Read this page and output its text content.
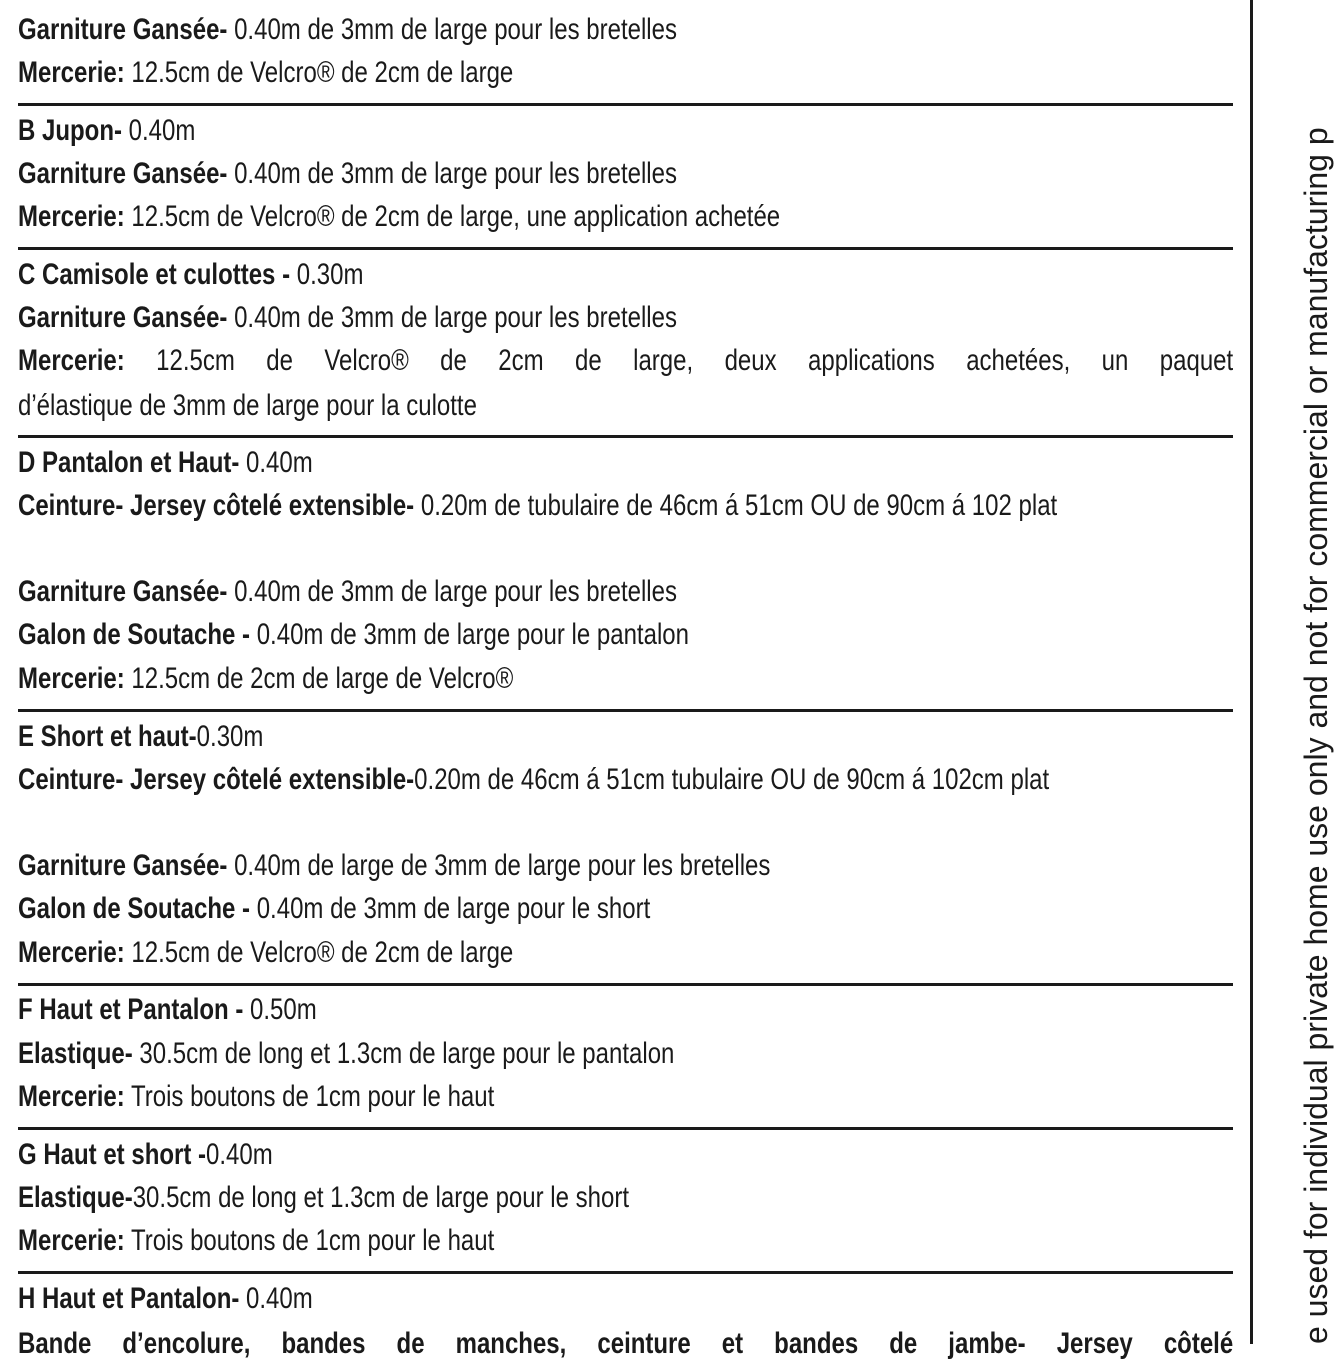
Garniture Gansée- 0.40m de 3mm de large pour les bretelles
Mercerie: 12.5cm de Velcro® de 2cm de large
B Jupon- 0.40m
Garniture Gansée- 0.40m de 3mm de large pour les bretelles
Mercerie: 12.5cm de Velcro® de 2cm de large, une application achetée
C Camisole et culottes - 0.30m
Garniture Gansée- 0.40m de 3mm de large pour les bretelles
Mercerie: 12.5cm de Velcro® de 2cm de large, deux applications achetées, un paquet
d’élastique de 3mm de large pour la culotte
D Pantalon et Haut- 0.40m
Ceinture- Jersey côtelé extensible- 0.20m de tubulaire de 46cm á 51cm OU de 90cm á 102 plat
Garniture Gansée- 0.40m de 3mm de large pour les bretelles
Galon de Soutache - 0.40m de 3mm de large pour le pantalon
Mercerie: 12.5cm de 2cm de large de Velcro®
E Short et haut-0.30m
Ceinture- Jersey côtelé extensible-0.20m de 46cm á 51cm tubulaire OU de 90cm á 102cm plat
Garniture Gansée- 0.40m de large de 3mm de large pour les bretelles
Galon de Soutache - 0.40m de 3mm de large pour le short
Mercerie: 12.5cm de Velcro® de 2cm de large
F Haut et Pantalon - 0.50m
Elastique- 30.5cm de long et 1.3cm de large pour le pantalon
Mercerie: Trois boutons de 1cm pour le haut
G Haut et short -0.40m
Elastique-30.5cm de long et 1.3cm de large pour le short
Mercerie: Trois boutons de 1cm pour le haut
H Haut et Pantalon- 0.40m
Bande d’encolure, bandes de manches, ceinture et bandes de jambe- Jersey côtelé e used for individual private home use only and not for commercial or manufacturing p
